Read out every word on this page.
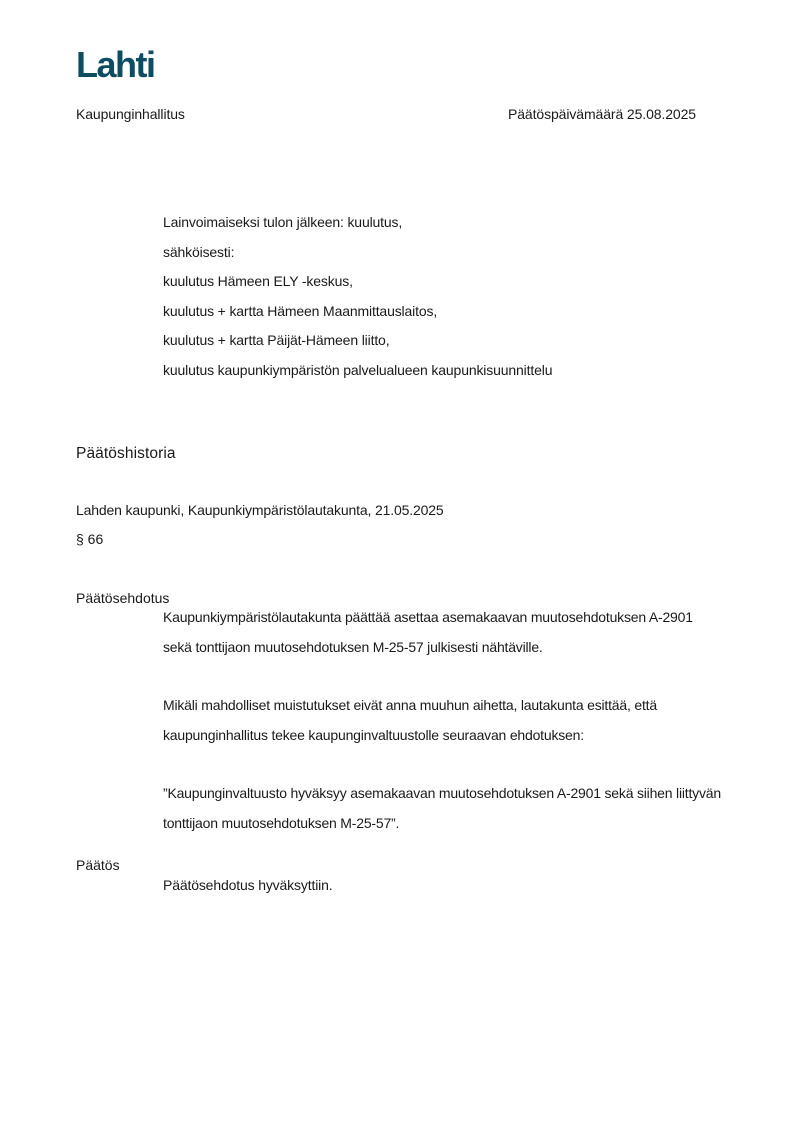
Lahti
Kaupunginhallitus	Päätöspäivämäärä 25.08.2025
Lainvoimaiseksi tulon jälkeen: kuulutus,
sähköisesti:
kuulutus Hämeen ELY -keskus,
kuulutus + kartta Hämeen Maanmittauslaitos,
kuulutus + kartta Päijät-Hämeen liitto,
kuulutus kaupunkiympäristön palvelualueen kaupunkisuunnittelu
Päätöshistoria
Lahden kaupunki, Kaupunkiympäristölautakunta, 21.05.2025
§ 66
Päätösehdotus
Kaupunkiympäristölautakunta päättää asettaa asemakaavan muutosehdotuksen A-2901 sekä tonttijaon muutosehdotuksen M-25-57 julkisesti nähtäville.
Mikäli mahdolliset muistutukset eivät anna muuhun aihetta, lautakunta esittää, että kaupunginhallitus tekee kaupunginvaltuustolle seuraavan ehdotuksen:
”Kaupunginvaltuusto hyväksyy asemakaavan muutosehdotuksen A-2901 sekä siihen liittyvän tonttijaon muutosehdotuksen M-25-57”.
Päätös
Päätösehdotus hyväksyttiin.
